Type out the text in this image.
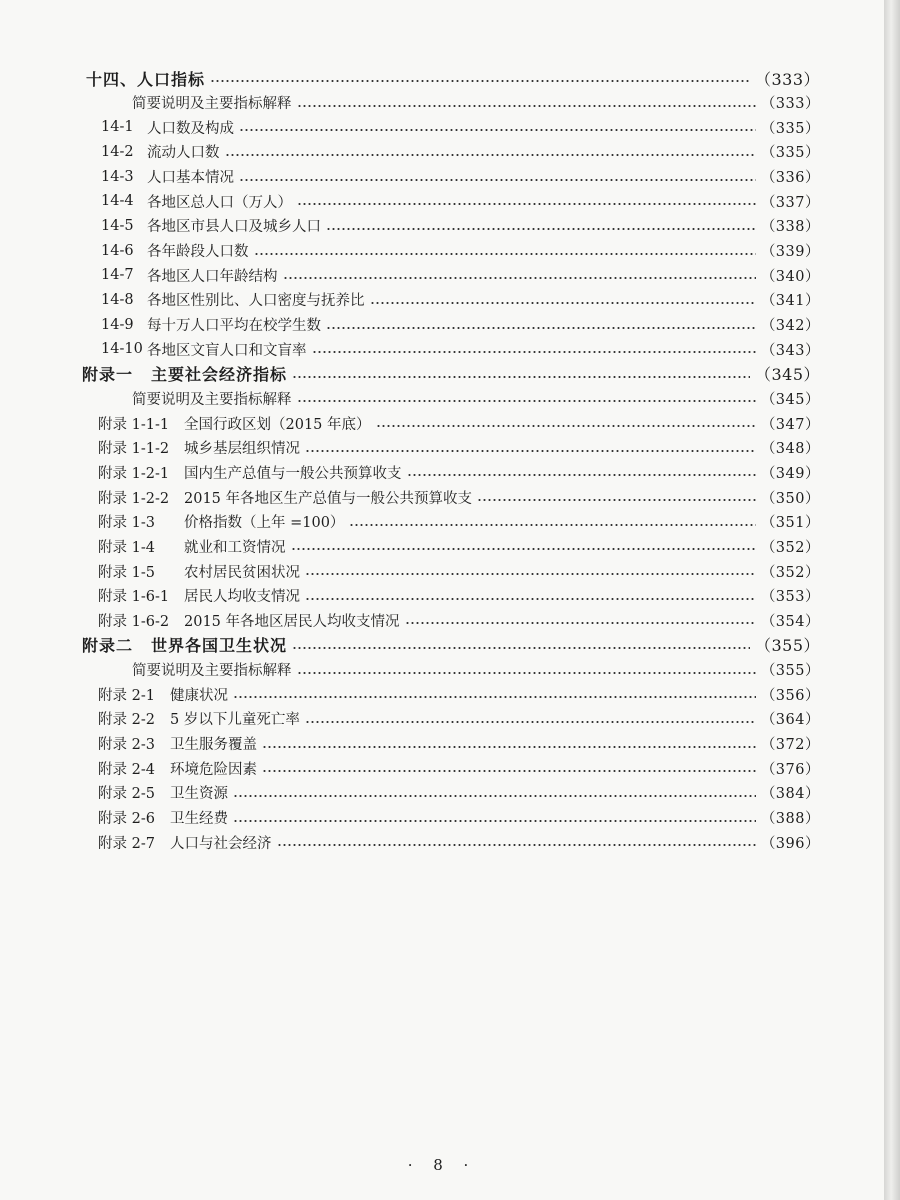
十四、 人口指标	（333）
简要说明及主要指标解释	（333）
14-1 人口数及构成	（335）
14-2 流动人口数	（335）
14-3 人口基本情况	（336）
14-4 各地区总人口（万人）	（337）
14-5 各地区市县人口及城乡人口	（338）
14-6 各年龄段人口数	（339）
14-7 各地区人口年龄结构	（340）
14-8 各地区性别比、人口密度与抚养比	（341）
14-9 每十万人口平均在校学生数	（342）
14-10 各地区文盲人口和文盲率	（343）
附录一 主要社会经济指标	（345）
简要说明及主要指标解释	（345）
附录 1-1-1	全国行政区划（2015 年底）	（347）
附录 1-1-2	城乡基层组织情况	（348）
附录 1-2-1	国内生产总值与一般公共预算收支	（349）
附录 1-2-2	2015 年各地区生产总值与一般公共预算收支	（350）
附录 1-3	价格指数（上年 =100）	（351）
附录 1-4	就业和工资情况	（352）
附录 1-5	农村居民贫困状况	（352）
附录 1-6-1	居民人均收支情况	（353）
附录 1-6-2	2015 年各地区居民人均收支情况	（354）
附录二 世界各国卫生状况	（355）
简要说明及主要指标解释	（355）
附录 2-1	健康状况	（356）
附录 2-2	5 岁以下儿童死亡率	（364）
附录 2-3	卫生服务覆盖	（372）
附录 2-4	环境危险因素	（376）
附录 2-5	卫生资源	（384）
附录 2-6	卫生经费	（388）
附录 2-7	人口与社会经济	（396）
· 8 ·
